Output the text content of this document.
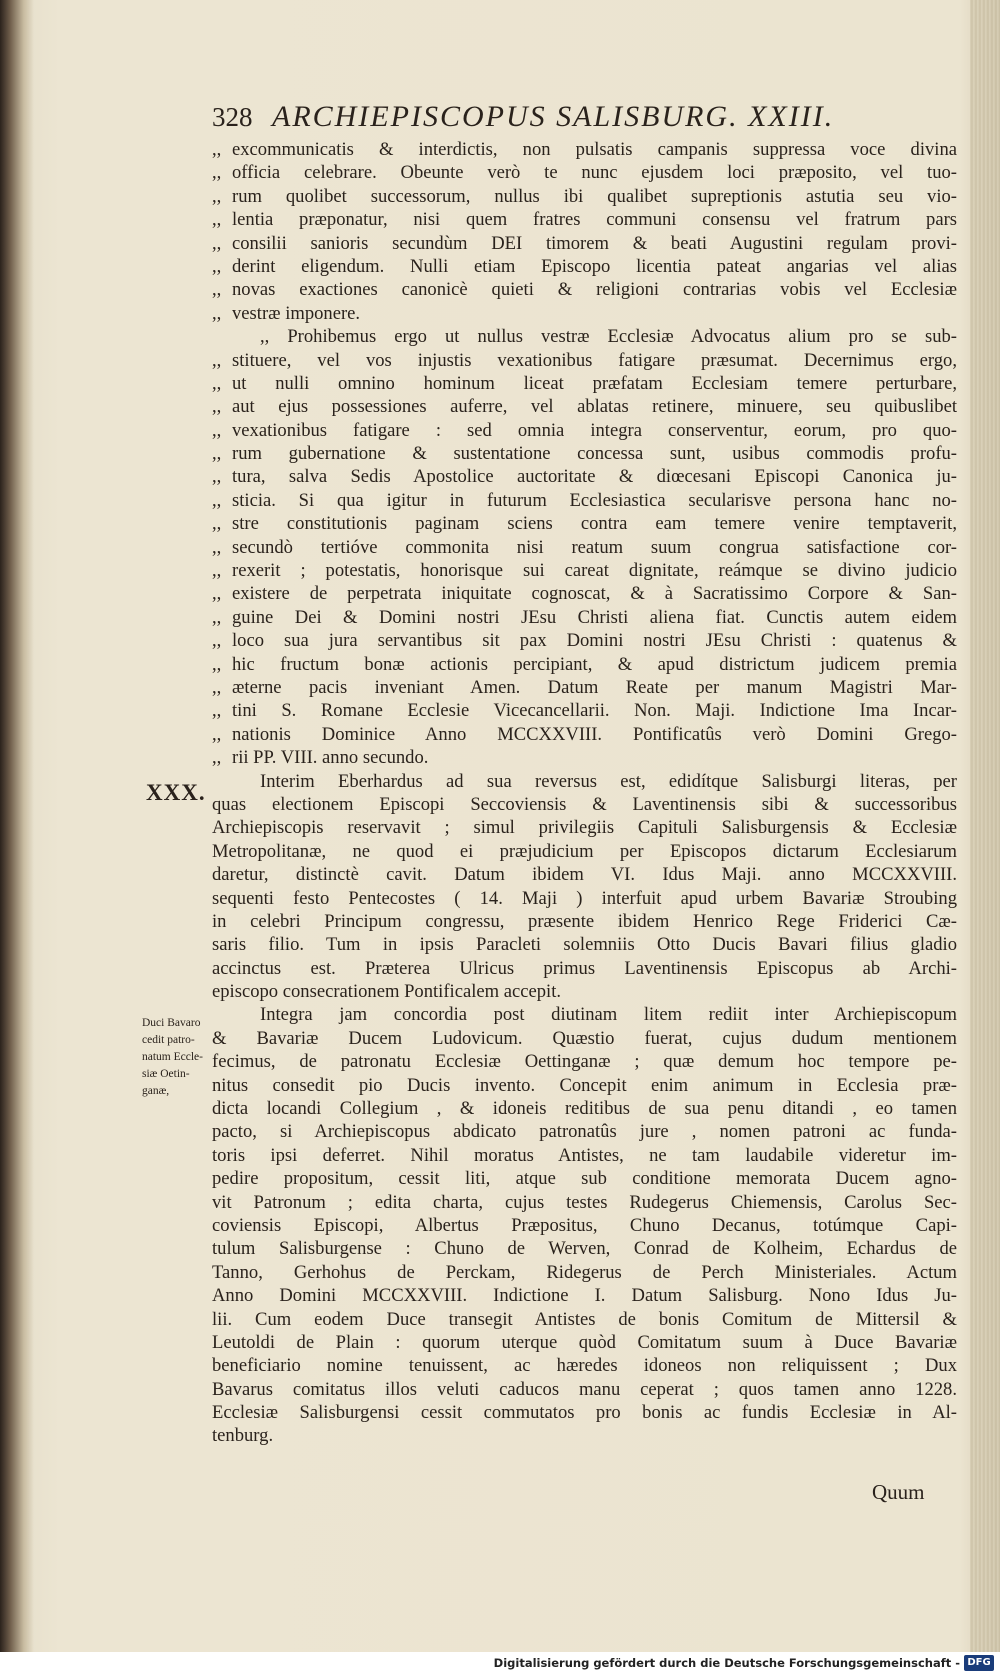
328 ARCHIEPISCOPUS SALISBURG. XXIII.
,, excommunicatis & interdictis, non pulsatis campanis suppressa voce divina
,, officia celebrare. Obeunte verò te nunc ejusdem loci præposito, vel tuo-
,, rum quolibet successorum, nullus ibi qualibet supreptionis astutia seu vio-
,, lentia præponatur, nisi quem fratres communi consensu vel fratrum pars
,, consilii sanioris secundùm DEI timorem & beati Augustini regulam provi-
,, derint eligendum. Nulli etiam Episcopo licentia pateat angarias vel alias
,, novas exactiones canonicè quieti & religioni contrarias vobis vel Ecclesiæ
,, vestræ imponere.
,, Prohibemus ergo ut nullus vestræ Ecclesiæ Advocatus alium pro se sub-
,, stituere, vel vos injustis vexationibus fatigare præsumat. Decernimus ergo,
,, ut nulli omnino hominum liceat præfatam Ecclesiam temere perturbare,
,, aut ejus possessiones auferre, vel ablatas retinere, minuere, seu quibuslibet
,, vexationibus fatigare : sed omnia integra conserventur, eorum, pro quo-
,, rum gubernatione & sustentatione concessa sunt, usibus commodis profu-
,, tura, salva Sedis Apostolice auctoritate & diœcesani Episcopi Canonica ju-
,, sticia. Si qua igitur in futurum Ecclesiastica secularisve persona hanc no-
,, stre constitutionis paginam sciens contra eam temere venire temptaverit,
,, secundò tertióve commonita nisi reatum suum congrua satisfactione cor-
,, rexerit ; potestatis, honorisque sui careat dignitate, reámque se divino judicio
,, existere de perpetrata iniquitate cognoscat, & à Sacratissimo Corpore & San-
,, guine Dei & Domini nostri JEsu Christi aliena fiat. Cunctis autem eidem
,, loco sua jura servantibus sit pax Domini nostri JEsu Christi : quatenus &
,, hic fructum bonæ actionis percipiant, & apud districtum judicem premia
,, æterne pacis inveniant Amen. Datum Reate per manum Magistri Mar-
,, tini S. Romane Ecclesie Vicecancellarii. Non. Maji. Indictione Ima Incar-
,, nationis Dominice Anno MCCXXVIII. Pontificatûs verò Domini Grego-
,, rii PP. VIII. anno secundo.
Interim Eberhardus ad sua reversus est, edidítque Salisburgi literas, per
quas electionem Episcopi Seccoviensis & Laventinensis sibi & successoribus
Archiepiscopis reservavit ; simul privilegiis Capituli Salisburgensis & Ecclesiæ
Metropolitanæ, ne quod ei præjudicium per Episcopos dictarum Ecclesiarum
daretur, distinctè cavit. Datum ibidem VI. Idus Maji. anno MCCXXVIII.
sequenti festo Pentecostes ( 14. Maji ) interfuit apud urbem Bavariæ Stroubing
in celebri Principum congressu, præsente ibidem Henrico Rege Friderici Cæ-
saris filio. Tum in ipsis Paracleti solemniis Otto Ducis Bavari filius gladio
accinctus est. Præterea Ulricus primus Laventinensis Episcopus ab Archi-
episcopo consecrationem Pontificalem accepit.
Integra jam concordia post diutinam litem rediit inter Archiepiscopum
& Bavariæ Ducem Ludovicum. Quæstio fuerat, cujus dudum mentionem
fecimus, de patronatu Ecclesiæ Oettinganæ ; quæ demum hoc tempore pe-
nitus consedit pio Ducis invento. Concepit enim animum in Ecclesia præ-
dicta locandi Collegium , & idoneis reditibus de sua penu ditandi , eo tamen
pacto, si Archiepiscopus abdicato patronatûs jure , nomen patroni ac funda-
toris ipsi deferret. Nihil moratus Antistes, ne tam laudabile videretur im-
pedire propositum, cessit liti, atque sub conditione memorata Ducem agno-
vit Patronum ; edita charta, cujus testes Rudegerus Chiemensis, Carolus Sec-
coviensis Episcopi, Albertus Præpositus, Chuno Decanus, totúmque Capi-
tulum Salisburgense : Chuno de Werven, Conrad de Kolheim, Echardus de
Tanno, Gerhohus de Perckam, Ridegerus de Perch Ministeriales. Actum
Anno Domini MCCXXVIII. Indictione I. Datum Salisburg. Nono Idus Ju-
lii. Cum eodem Duce transegit Antistes de bonis Comitum de Mittersil &
Leutoldi de Plain : quorum uterque quòd Comitatum suum à Duce Bavariæ
beneficiario nomine tenuissent, ac hæredes idoneos non reliquissent ; Dux
Bavarus comitatus illos veluti caducos manu ceperat ; quos tamen anno 1228.
Ecclesiæ Salisburgensi cessit commutatos pro bonis ac fundis Ecclesiæ in Al-
tenburg.
XXX.
Duci Bavaro
cedit patro-
natum Eccle-
siæ Oetin-
ganæ,
Quum
Digitalisierung gefördert durch die Deutsche Forschungsgemeinschaft - DFG
